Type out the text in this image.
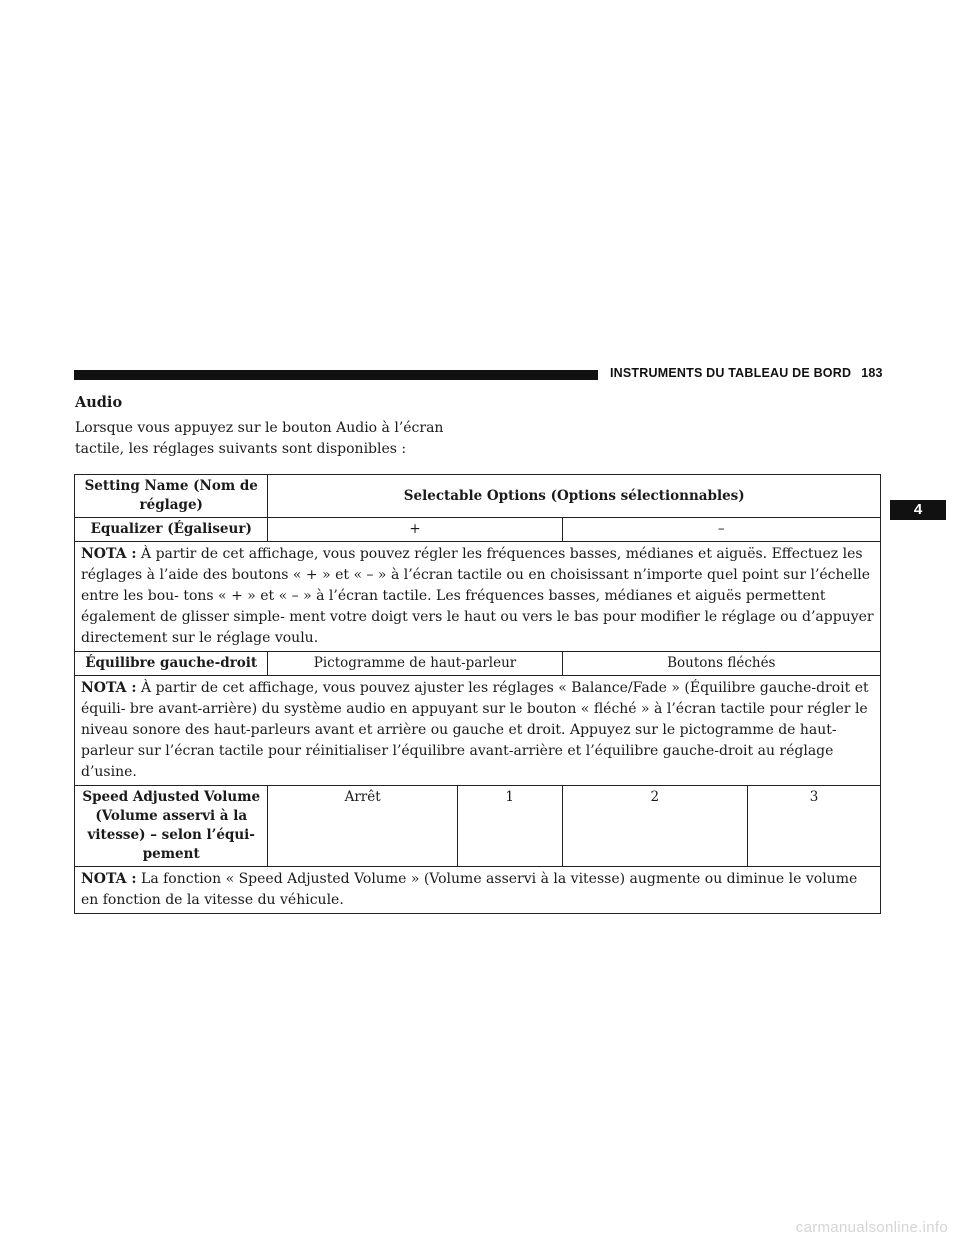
INSTRUMENTS DU TABLEAU DE BORD 183
4
Audio
Lorsque vous appuyez sur le bouton Audio à l’écran tactile, les réglages suivants sont disponibles :
Setting Name (Nom de réglage)	Selectable Options (Options sélectionnables)			
Equalizer (Égaliseur)	+		–	
NOTA : À partir de cet affichage, vous pouvez régler les fréquences basses, médianes et aiguës. Effectuez les réglages à l’aide des boutons « + » et « – » à l’écran tactile ou en choisissant n’importe quel point sur l’échelle entre les bou- tons « + » et « – » à l’écran tactile. Les fréquences basses, médianes et aiguës permettent également de glisser simple- ment votre doigt vers le haut ou vers le bas pour modifier le réglage ou d’appuyer directement sur le réglage voulu.				
Équilibre gauche-droit	Pictogramme de haut-parleur		Boutons fléchés	
NOTA : À partir de cet affichage, vous pouvez ajuster les réglages « Balance/Fade » (Équilibre gauche-droit et équili- bre avant-arrière) du système audio en appuyant sur le bouton « fléché » à l’écran tactile pour régler le niveau sonore des haut-parleurs avant et arrière ou gauche et droit. Appuyez sur le pictogramme de haut-parleur sur l’écran tactile pour réinitialiser l’équilibre avant-arrière et l’équilibre gauche-droit au réglage d’usine.				
Speed Adjusted Volume (Volume asservi à la vitesse) – selon l’équi- pement	Arrêt	1	2	3
NOTA : La fonction « Speed Adjusted Volume » (Volume asservi à la vitesse) augmente ou diminue le volume en fonction de la vitesse du véhicule.				
carmanualsonline.info
